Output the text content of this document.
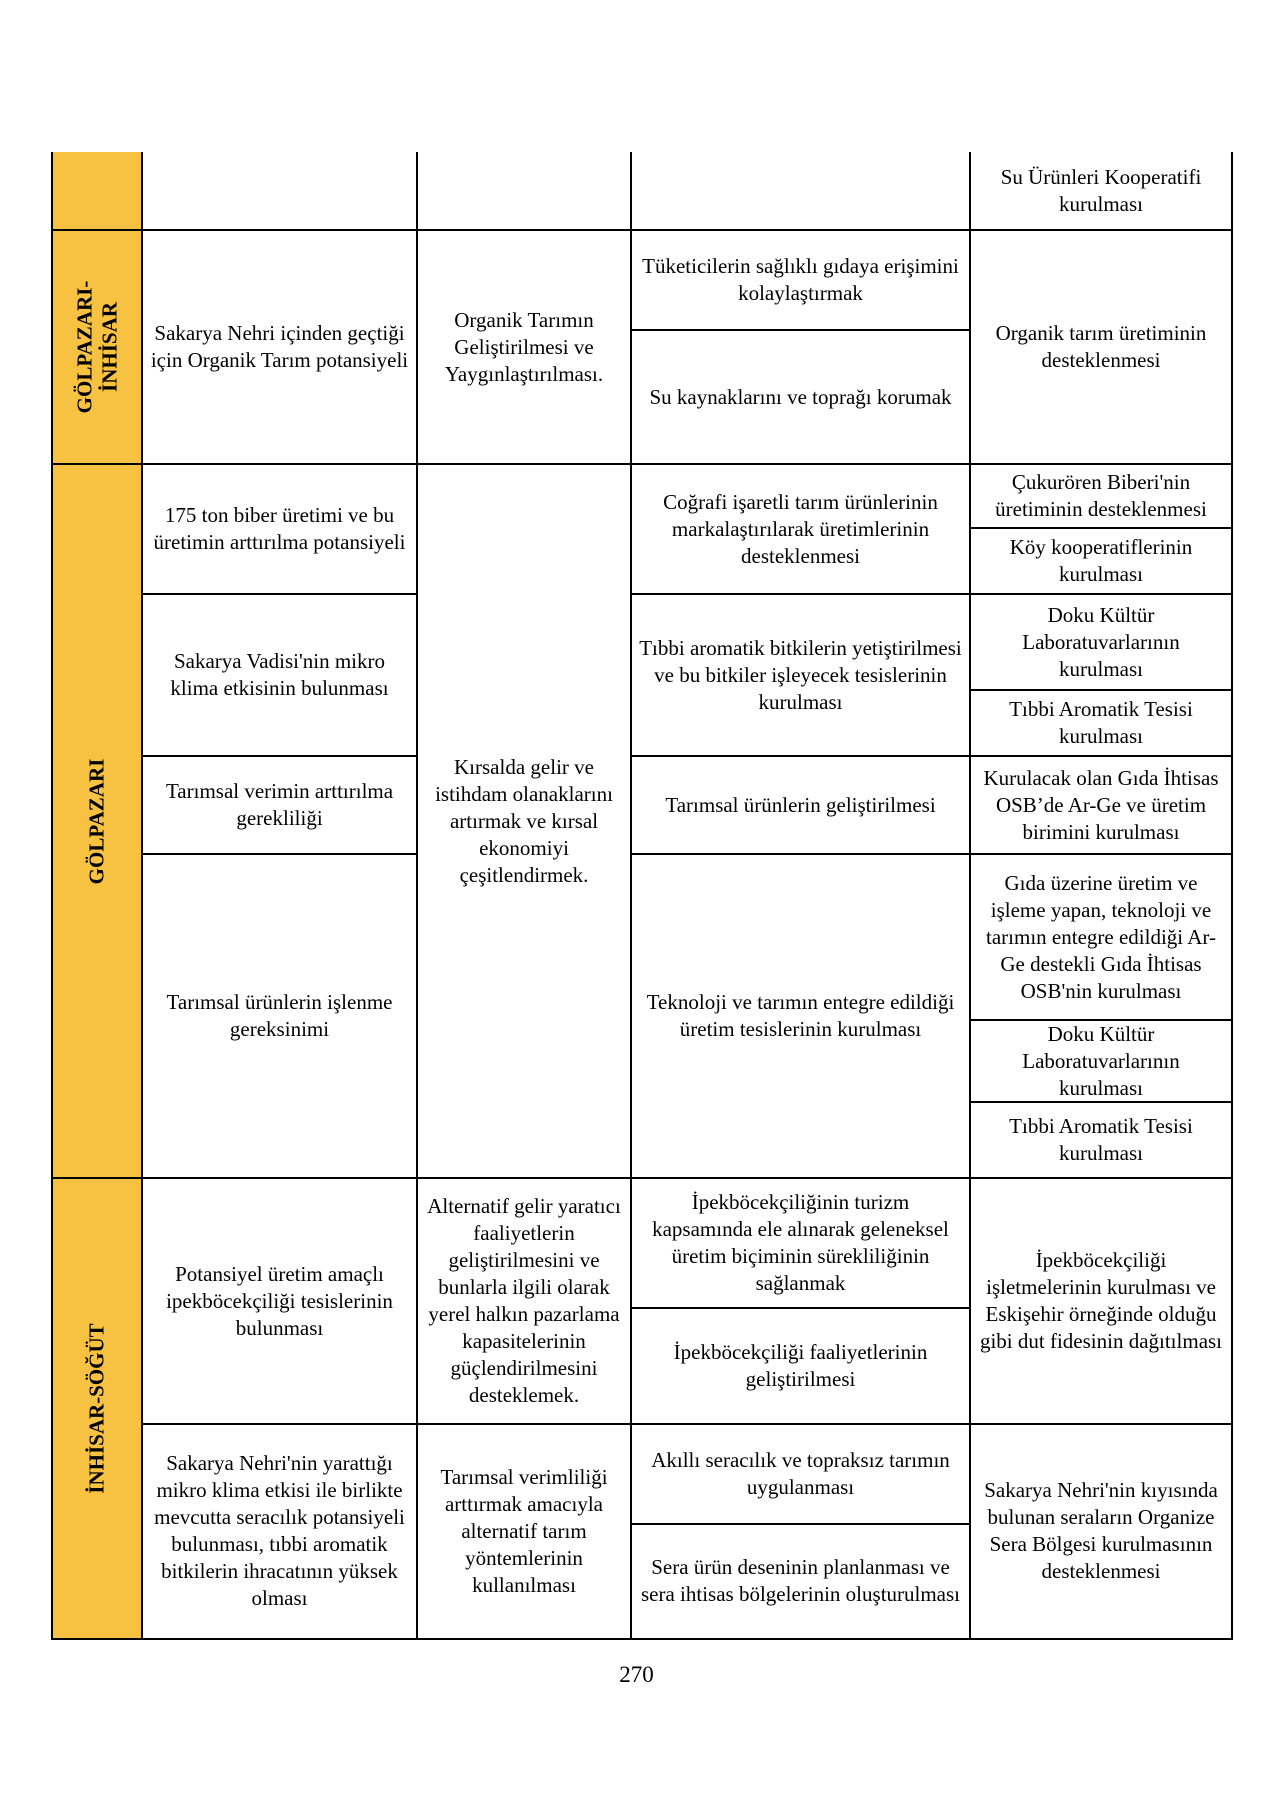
GÖLPAZARI-
İNHİSAR
GÖLPAZARI
İNHİSAR-SÖĞÜT
Su Ürünleri Kooperatifi kurulması
Sakarya Nehri içinden geçtiği için Organik Tarım potansiyeli
Organik Tarımın Geliştirilmesi ve Yaygınlaştırılması.
Tüketicilerin sağlıklı gıdaya erişimini kolaylaştırmak
Su kaynaklarını ve toprağı korumak
Organik tarım üretiminin desteklenmesi
175 ton biber üretimi ve bu üretimin arttırılma potansiyeli
Sakarya Vadisi'nin mikro klima etkisinin bulunması
Tarımsal verimin arttırılma gerekliliği
Tarımsal ürünlerin işlenme gereksinimi
Kırsalda gelir ve istihdam olanaklarını artırmak ve kırsal ekonomiyi çeşitlendirmek.
Coğrafi işaretli tarım ürünlerinin markalaştırılarak üretimlerinin desteklenmesi
Tıbbi aromatik bitkilerin yetiştirilmesi ve bu bitkiler işleyecek tesislerinin kurulması
Tarımsal ürünlerin geliştirilmesi
Teknoloji ve tarımın entegre edildiği üretim tesislerinin kurulması
Çukurören Biberi'nin üretiminin desteklenmesi
Köy kooperatiflerinin kurulması
Doku Kültür Laboratuvarlarının kurulması
Tıbbi Aromatik Tesisi kurulması
Kurulacak olan Gıda İhtisas OSB’de Ar-Ge ve üretim birimini kurulması
Gıda üzerine üretim ve işleme yapan, teknoloji ve tarımın entegre edildiği Ar-Ge destekli Gıda İhtisas OSB'nin kurulması
Doku Kültür Laboratuvarlarının kurulması
Tıbbi Aromatik Tesisi kurulması
Potansiyel üretim amaçlı ipekböcekçiliği tesislerinin bulunması
Sakarya Nehri'nin yarattığı mikro klima etkisi ile birlikte mevcutta seracılık potansiyeli bulunması, tıbbi aromatik bitkilerin ihracatının yüksek olması
Alternatif gelir yaratıcı faaliyetlerin geliştirilmesini ve bunlarla ilgili olarak yerel halkın pazarlama kapasitelerinin güçlendirilmesini desteklemek.
Tarımsal verimliliği arttırmak amacıyla alternatif tarım yöntemlerinin kullanılması
İpekböcekçiliğinin turizm kapsamında ele alınarak geleneksel üretim biçiminin sürekliliğinin sağlanmak
İpekböcekçiliği faaliyetlerinin geliştirilmesi
Akıllı seracılık ve topraksız tarımın uygulanması
Sera ürün deseninin planlanması ve sera ihtisas bölgelerinin oluşturulması
İpekböcekçiliği işletmelerinin kurulması ve Eskişehir örneğinde olduğu gibi dut fidesinin dağıtılması
Sakarya Nehri'nin kıyısında bulunan seraların Organize Sera Bölgesi kurulmasının desteklenmesi
270
